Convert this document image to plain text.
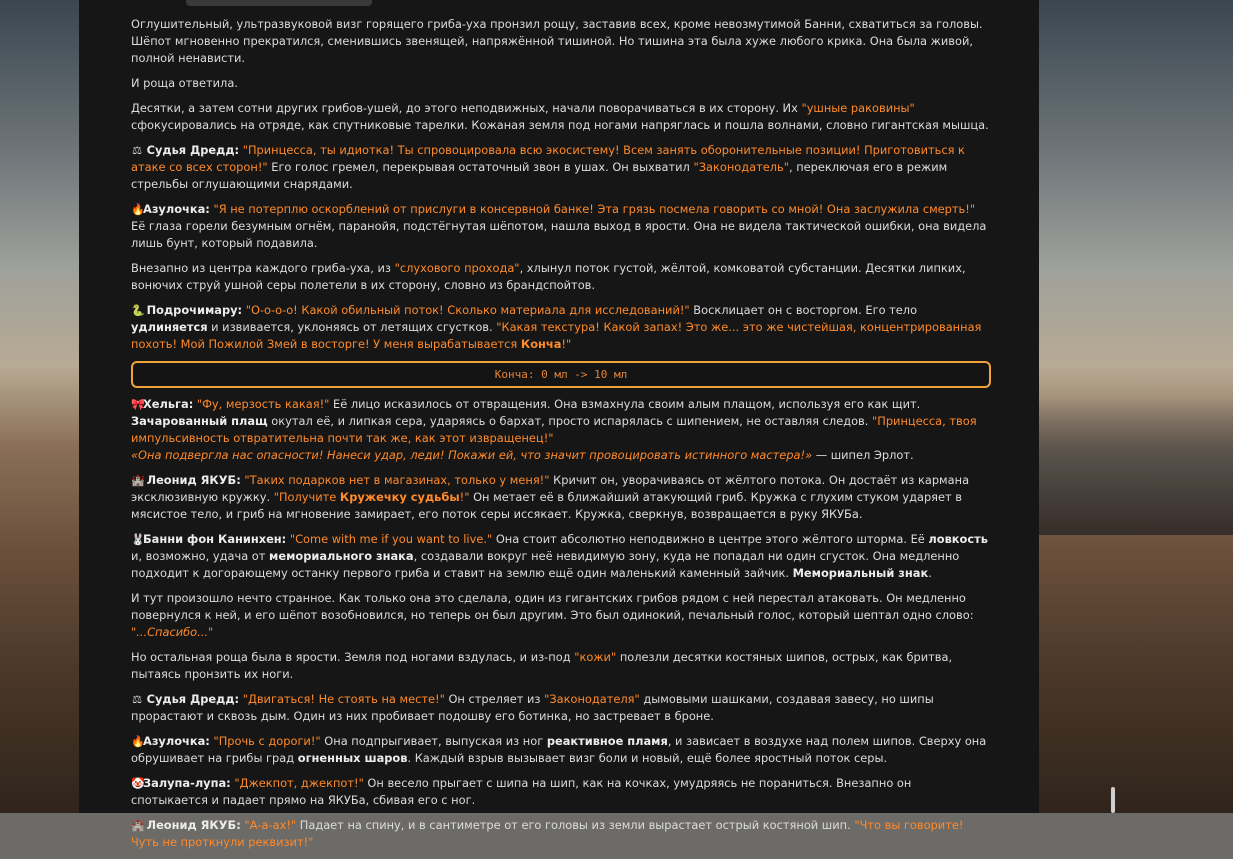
Оглушительный, ультразвуковой визг горящего гриба-уха пронзил рощу, заставив всех, кроме невозмутимой Банни, схватиться за головы. Шёпот мгновенно прекратился, сменившись звенящей, напряжённой тишиной. Но тишина эта была хуже любого крика. Она была живой, полной ненависти.

И роща ответила.

Десятки, а затем сотни других грибов-ушей, до этого неподвижных, начали поворачиваться в их сторону. Их "ушные раковины" сфокусировались на отряде, как спутниковые тарелки. Кожаная земля под ногами напряглась и пошла волнами, словно гигантская мышца.

⚖ Судья Дредд: "Принцесса, ты идиотка! Ты спровоцировала всю экосистему! Всем занять оборонительные позиции! Приготовиться к атаке со всех сторон!" Его голос гремел, перекрывая остаточный звон в ушах. Он выхватил "Законодатель", переключая его в режим стрельбы оглушающими снарядами.

🔥Азулочка: "Я не потерплю оскорблений от прислуги в консервной банке! Эта грязь посмела говорить со мной! Она заслужила смерть!" Её глаза горели безумным огнём, паранойя, подстёгнутая шёпотом, нашла выход в ярости. Она не видела тактической ошибки, она видела лишь бунт, который подавила.

Внезапно из центра каждого гриба-уха, из "слухового прохода", хлынул поток густой, жёлтой, комковатой субстанции. Десятки липких, вонючих струй ушной серы полетели в их сторону, словно из брандспойтов.

🐍 Подрочимару: "О-о-о-о! Какой обильный поток! Сколько материала для исследований!" Восклицает он с восторгом. Его тело удлиняется и извивается, уклоняясь от летящих сгустков. "Какая текстура! Какой запах! Это же... это же чистейшая, концентрированная похоть! Мой Пожилой Змей в восторге! У меня вырабатывается Конча!"

Конча: 0 мл -> 10 мл

🎀Хельга: "Фу, мерзость какая!" Её лицо исказилось от отвращения. Она взмахнула своим алым плащом, используя его как щит. Зачарованный плащ окутал её, и липкая сера, ударяясь о бархат, просто испарялась с шипением, не оставляя следов. "Принцесса, твоя импульсивность отвратительна почти так же, как этот извращенец!"
«Она подверглa нас опасности! Нанеси удар, леди! Покажи ей, что значит провоцировать истинного мастера!» — шипел Эрлот.

🏰 Леонид ЯКУБ: "Таких подарков нет в магазинах, только у меня!" Кричит он, уворачиваясь от жёлтого потока. Он достаёт из кармана эксклюзивную кружку. "Получите Кружечку судьбы!" Он метает её в ближайший атакующий гриб. Кружка с глухим стуком ударяет в мясистое тело, и гриб на мгновение замирает, его поток серы иссякает. Кружка, сверкнув, возвращается в руку ЯКУБа.

🐰Банни фон Канинхен: "Come with me if you want to live." Она стоит абсолютно неподвижно в центре этого жёлтого шторма. Её ловкость и, возможно, удача от мемориального знака, создавали вокруг неё невидимую зону, куда не попадал ни один сгусток. Она медленно подходит к догорающему останку первого гриба и ставит на землю ещё один маленький каменный зайчик. Мемориальный знак.

И тут произошло нечто странное. Как только она это сделала, один из гигантских грибов рядом с ней перестал атаковать. Он медленно повернулся к ней, и его шёпот возобновился, но теперь он был другим. Это был одинокий, печальный голос, который шептал одно слово: "...Спасибо..."

Но остальная роща была в ярости. Земля под ногами вздулась, и из-под "кожи" полезли десятки костяных шипов, острых, как бритва, пытаясь пронзить их ноги.

⚖ Судья Дредд: "Двигаться! Не стоять на месте!" Он стреляет из "Законодателя" дымовыми шашками, создавая завесу, но шипы прорастают и сквозь дым. Один из них пробивает подошву его ботинка, но застревает в броне.

🔥Азулочка: "Прочь с дороги!" Она подпрыгивает, выпуская из ног реактивное пламя, и зависает в воздухе над полем шипов. Сверху она обрушивает на грибы град огненных шаров. Каждый взрыв вызывает визг боли и новый, ещё более яростный поток серы.

🤡Залупа-лупа: "Джекпот, джекпот!" Он весело прыгает с шипа на шип, как на кочках, умудряясь не пораниться. Внезапно он спотыкается и падает прямо на ЯКУБа, сбивая его с ног.

🏰 Леонид ЯКУБ: "А-а-ах!" Падает на спину, и в сантиметре от его головы из земли вырастает острый костяной шип. "Что вы говорите! Чуть не проткнули реквизит!"
